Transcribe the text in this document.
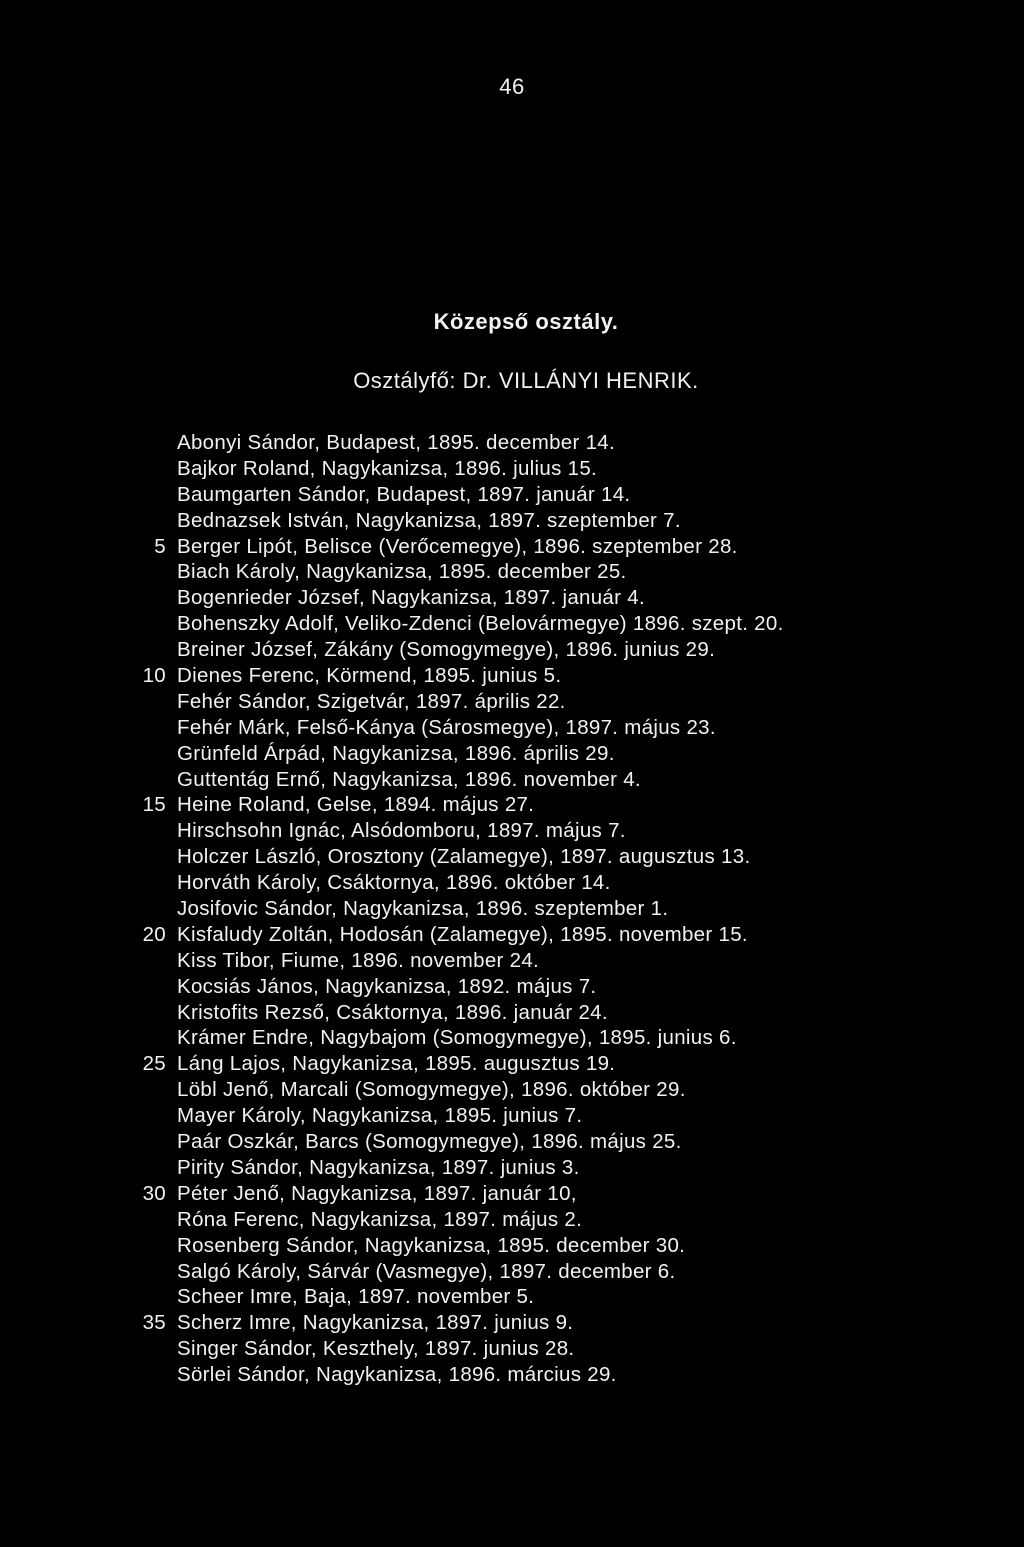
46
Közepső osztály.
Osztályfő: Dr. VILLÁNYI HENRIK.
Abonyi Sándor, Budapest, 1895. december 14.
Bajkor Roland, Nagykanizsa, 1896. julius 15.
Baumgarten Sándor, Budapest, 1897. január 14.
Bednazsek István, Nagykanizsa, 1897. szeptember 7.
5 Berger Lipót, Belisce (Verőcemegye), 1896. szeptember 28.
Biach Károly, Nagykanizsa, 1895. december 25.
Bogenrieder József, Nagykanizsa, 1897. január 4.
Bohenszky Adolf, Veliko-Zdenci (Belovármegye) 1896. szept. 20.
Breiner József, Zákány (Somogymegye), 1896. junius 29.
10 Dienes Ferenc, Körmend, 1895. junius 5.
Fehér Sándor, Szigetvár, 1897. április 22.
Fehér Márk, Felső-Kánya (Sárosmegye), 1897. május 23.
Grünfeld Árpád, Nagykanizsa, 1896. április 29.
Guttentág Ernő, Nagykanizsa, 1896. november 4.
15 Heine Roland, Gelse, 1894. május 27.
Hirschsohn Ignác, Alsódomboru, 1897. május 7.
Holczer László, Orosztony (Zalamegye), 1897. augusztus 13.
Horváth Károly, Csáktornya, 1896. október 14.
Josifovic Sándor, Nagykanizsa, 1896. szeptember 1.
20 Kisfaludy Zoltán, Hodosán (Zalamegye), 1895. november 15.
Kiss Tibor, Fiume, 1896. november 24.
Kocsiás János, Nagykanizsa, 1892. május 7.
Kristofits Rezső, Csáktornya, 1896. január 24.
Krámer Endre, Nagybajom (Somogymegye), 1895. junius 6.
25 Láng Lajos, Nagykanizsa, 1895. augusztus 19.
Löbl Jenő, Marcali (Somogymegye), 1896. október 29.
Mayer Károly, Nagykanizsa, 1895. junius 7.
Paár Oszkár, Barcs (Somogymegye), 1896. május 25.
Pirity Sándor, Nagykanizsa, 1897. junius 3.
30 Péter Jenő, Nagykanizsa, 1897. január 10,
Róna Ferenc, Nagykanizsa, 1897. május 2.
Rosenberg Sándor, Nagykanizsa, 1895. december 30.
Salgó Károly, Sárvár (Vasmegye), 1897. december 6.
Scheer Imre, Baja, 1897. november 5.
35 Scherz Imre, Nagykanizsa, 1897. junius 9.
Singer Sándor, Keszthely, 1897. junius 28.
Sörlei Sándor, Nagykanizsa, 1896. március 29.
